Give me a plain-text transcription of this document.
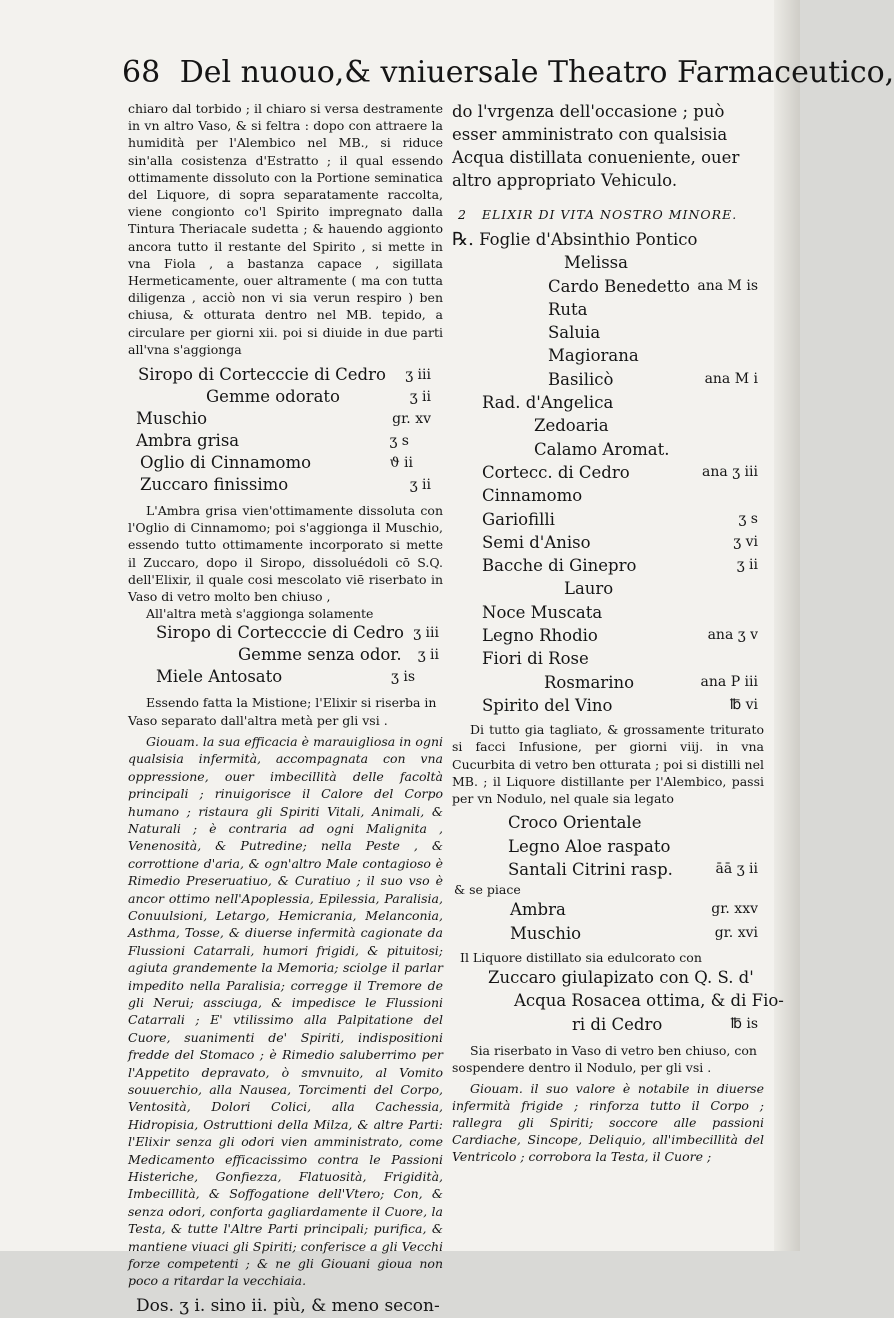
68 Del nuouo,& vniuersale Theatro Farmaceutico,

chiaro dal torbido ; il chiaro si versa destramente in vn altro Vaso, & si feltra : dopo con attraere la humidità per l'Alembico nel MB., si riduce sin'alla cosistenza d'Estratto ; il qual essendo ottimamente dissoluto con la Portione seminatica del Liquore, di sopra separatamente raccolta, viene congionto co'l Spirito impregnato dalla Tintura Theriacale sudetta ; & hauendo aggionto ancora tutto il restante del Spirito , si mette in vna Fiola , a bastanza capace , sigillata Hermeticamente, ouer altramente ( ma con tutta diligenza , acciò non vi sia verun respiro ) ben chiusa, & otturata dentro nel MB. tepido, a circulare per giorni xii. poi si diuide in due parti all'vna s'aggionga

Siropo di Cortecccie di Cedro ʒ iii
Gemme odorato	ʒ ii
Muschio	gr. xv
Ambra grisa	ʒ s
Oglio di Cinnamomo	ϑ ii
Zuccaro finissimo	ʒ ii

L'Ambra grisa vien'ottimamente dissoluta con l'Oglio di Cinnamomo; poi s'aggionga il Muschio, essendo tutto ottimamente incorporato si mette il Zuccaro, dopo il Siropo, dissoluédoli cō S.Q. dell'Elixir, il quale cosi mescolato viē riserbato in Vaso di vetro molto ben chiuso ,

All'altra metà s'aggionga solamente

Siropo di Cortecccie di Cedro ʒ iii
Gemme senza odor. ʒ ii
Miele Antosato	ʒ is

Essendo fatta la Mistione; l'Elixir si riserba in Vaso separato dall'altra metà per gli vsi .

Giouam. la sua efficacia è marauigliosa in ogni qualsisia infermità, accompagnata con vna oppressione, ouer imbecillità delle facoltà principali ; rinuigorisce il Calore del Corpo humano ; ristaura gli Spiriti Vitali, Animali, & Naturali ; è contraria ad ogni Malignita , Venenosità, & Putredine; nella Peste , & corrottione d'aria, & ogn'altro Male contagioso è Rimedio Preseruatiuo, & Curatiuo ; il suo vso è ancor ottimo nell'Apoplessia, Epilessia, Paralisia, Conuulsioni, Letargo, Hemicrania, Melanconia, Asthma, Tosse, & diuerse infermità cagionate da Flussioni Catarrali, humori frigidi, & pituitosi; agiuta grandemente la Memoria; sciolge il parlar impedito nella Paralisia; corregge il Tremore de gli Nerui; assciuga, & impedisce le Flussioni Catarrali ; E' vtilissimo alla Palpitatione del Cuore, suanimenti de' Spiriti, indispositioni fredde del Stomaco ; è Rimedio saluberrimo per l'Appetito depravato, ò smvnuito, al Vomito souuerchio, alla Nausea, Torcimenti del Corpo, Ventosità, Dolori Colici, alla Cachessia, Hidropisia, Ostruttioni della Milza, & altre Parti: l'Elixir senza gli odori vien amministrato, come Medicamento efficacissimo contra le Passioni Histeriche, Gonfiezza, Flatuosità, Frigidità, Imbecillità, & Soffogatione dell'Vtero; Con, & senza odori, conforta gagliardamente il Cuore, la Testa, & tutte l'Altre Parti principali; purifica, & mantiene viuaci gli Spiriti; conferisce a gli Vecchi forze competenti ; & ne gli Giouani gioua non poco a ritardar la vecchiaia.

Dos. ʒ i. sino ii. più, & meno secon-

do l'vrgenza dell'occasione ; può esser amministrato con qualsisia Acqua distillata conueniente, ouer altro appropriato Vehiculo.

2 ELIXIR DI VITA NOSTRO MINORE.

℞. Foglie d'Absinthio Pontico
Melissa
Cardo Benedetto ana M is
Ruta
Saluia
Magiorana
Basilicò	ana M i
Rad. d'Angelica
Zedoaria
Calamo Aromat.
Cortecc. di Cedro	ana ʒ iii
Cinnamomo
Gariofilli	ʒ s
Semi d'Aniso	ʒ vi
Bacche di Ginepro	ʒ ii
Lauro
Noce Muscata
Legno Rhodio	ana ʒ v
Fiori di Rose
Rosmarino	ana P iii
Spirito del Vino	℔ vi

Di tutto gia tagliato, & grossamente triturato si facci Infusione, per giorni viij. in vna Cucurbita di vetro ben otturata ; poi si distilli nel MB. ; il Liquore distillante per l'Alembico, passi per vn Nodulo, nel quale sia legato

Croco Orientale
Legno Aloe raspato
Santali Citrini rasp.	āā ʒ ii

& se piace

Ambra	gr. xxv
Muschio	gr. xvi

Il Liquore distillato sia edulcorato con

Zuccaro giulapizato con Q. S. d'
Acqua Rosacea ottima, & di Fio-
ri di Cedro	℔ is

Sia riserbato in Vaso di vetro ben chiuso, con sospendere dentro il Nodulo, per gli vsi .

Giouam. il suo valore è notabile in diuerse infermità frigide ; rinforza tutto il Corpo ; rallegra gli Spiriti; soccore alle passioni Cardiache, Sincope, Deliquio, all'imbecillità del Ventricolo ; corrobora la Testa, il Cuore ;
